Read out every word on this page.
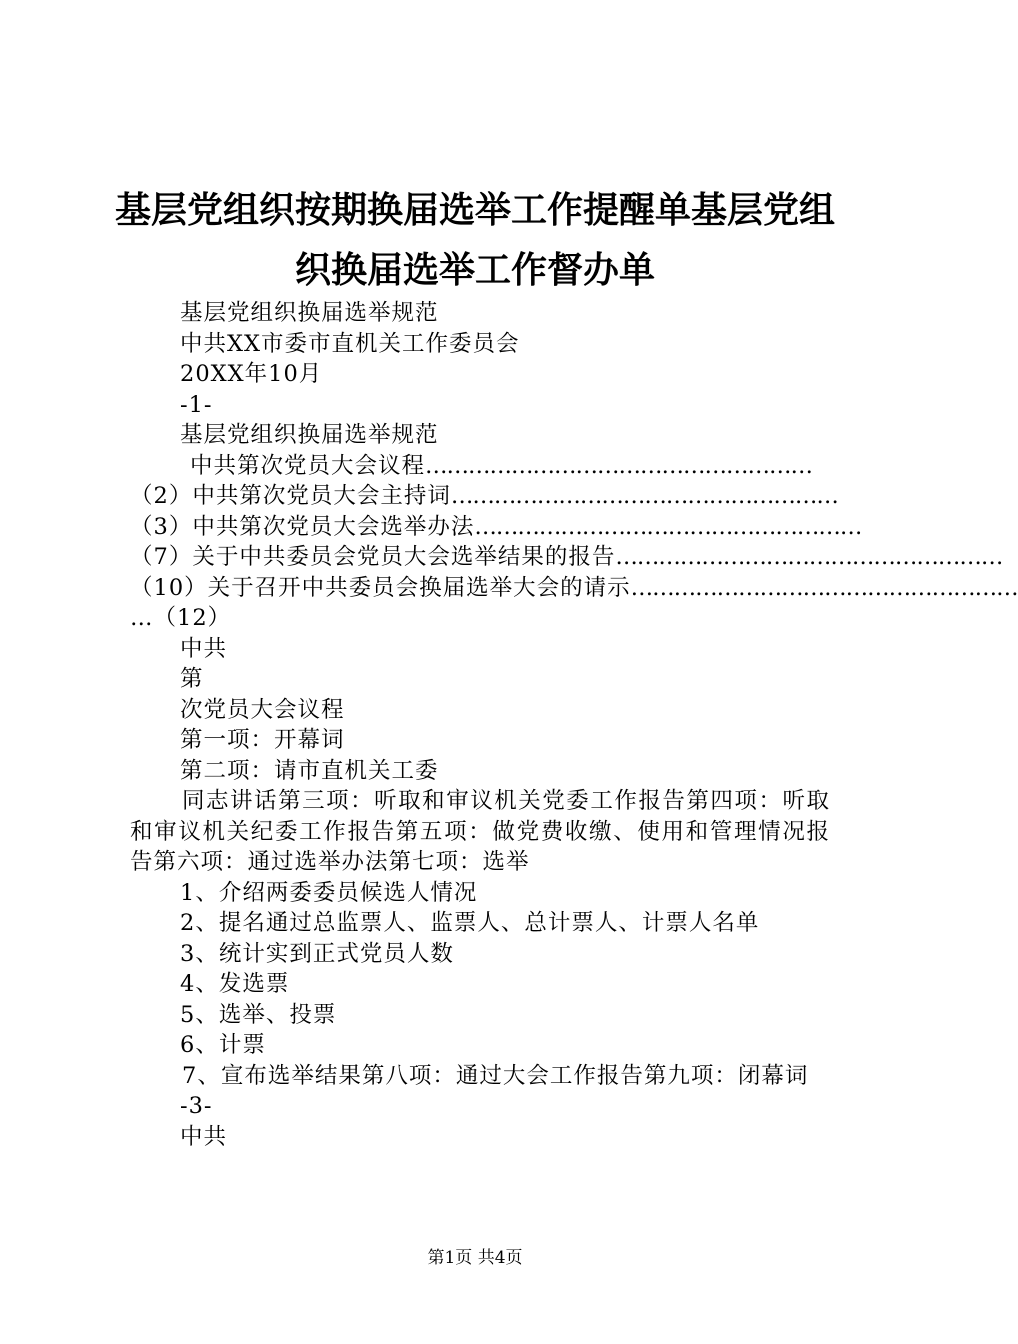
基层党组织按期换届选举工作提醒单基层党组
织换届选举工作督办单

基层党组织换届选举规范

中共XX市委市直机关工作委员会

20XX年10月

-1-

基层党组织换届选举规范

中共第次党员大会议程 ………………………………………………
（2）中共第次党员大会主持词 ………………………………………………
（3）中共第次党员大会选举办法 ………………………………………………
（7）关于中共委员会党员大会选举结果的报告 ………………………………………………
（10）关于召开中共委员会换届选举大会的请示 ………………………………………………

…（12）

中共

第

次党员大会议程

第一项：开幕词

第二项：请市直机关工委

同志讲话第三项：听取和审议机关党委工作报告第四项：听取和审议机关纪委工作报告第五项：做党费收缴、使用和管理情况报告第六项：通过选举办法第七项：选举

1、介绍两委委员候选人情况

2、提名通过总监票人、监票人、总计票人、计票人名单

3、统计实到正式党员人数

4、发选票

5、选举、投票

6、计票

7、宣布选举结果第八项：通过大会工作报告第九项：闭幕词

-3-

中共

第1页 共4页
